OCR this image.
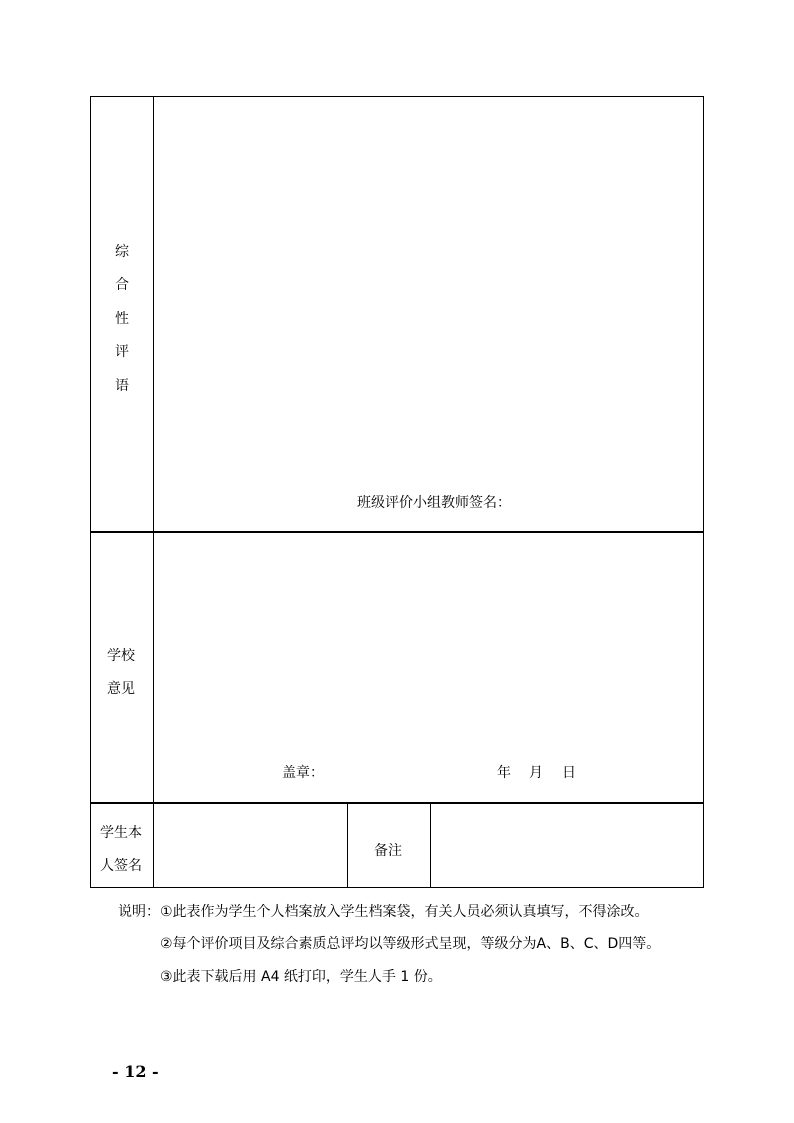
综
合
性
评
语
班级评价小组教师签名：
学校
意见
盖章：	年 月 日
学生本
人签名
备注
说明： ①此表作为学生个人档案放入学生档案袋，有关人员必须认真填写，不得涂改。
②每个评价项目及综合素质总评均以等级形式呈现，等级分为A、B、C、D四等。
③此表下载后用 A4 纸打印，学生人手 1 份。
- 12 -
